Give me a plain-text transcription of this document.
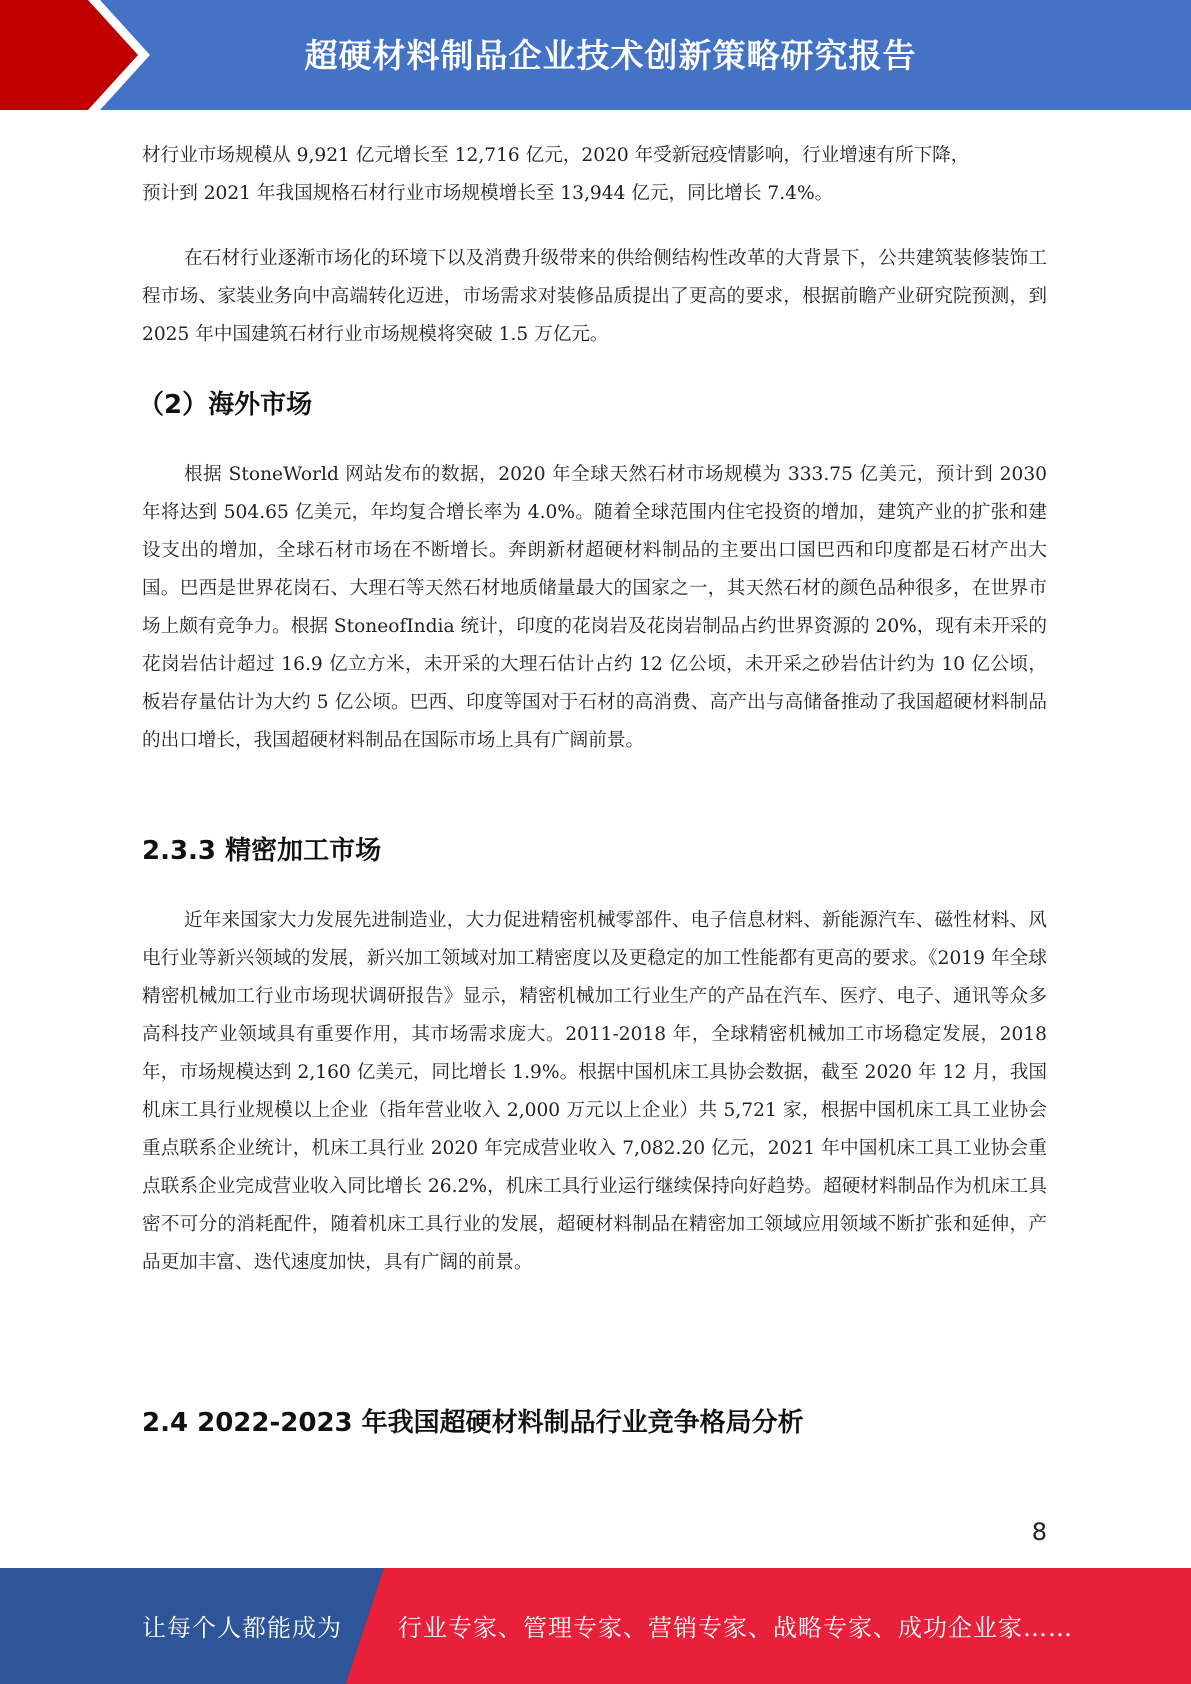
超硬材料制品企业技术创新策略研究报告

材行业市场规模从 9,921 亿元增长至 12,716 亿元，2020 年受新冠疫情影响，行业增速有所下降，

预计到 2021 年我国规格石材行业市场规模增长至 13,944 亿元，同比增长 7.4%。

在石材行业逐渐市场化的环境下以及消费升级带来的供给侧结构性改革的大背景下，公共建筑装修装饰工程市场、家装业务向中高端转化迈进，市场需求对装修品质提出了更高的要求，根据前瞻产业研究院预测，到 2025 年中国建筑石材行业市场规模将突破 1.5 万亿元。

（2）海外市场

根据 StoneWorld 网站发布的数据，2020 年全球天然石材市场规模为 333.75 亿美元，预计到 2030 年将达到 504.65 亿美元，年均复合增长率为 4.0%。随着全球范围内住宅投资的增加，建筑产业的扩张和建设支出的增加，全球石材市场在不断增长。奔朗新材超硬材料制品的主要出口国巴西和印度都是石材产出大国。巴西是世界花岗石、大理石等天然石材地质储量最大的国家之一，其天然石材的颜色品种很多，在世界市场上颇有竞争力。根据 StoneofIndia 统计，印度的花岗岩及花岗岩制品占约世界资源的 20%，现有未开采的花岗岩估计超过 16.9 亿立方米，未开采的大理石估计占约 12 亿公顷，未开采之砂岩估计约为 10 亿公顷，板岩存量估计为大约 5 亿公顷。巴西、印度等国对于石材的高消费、高产出与高储备推动了我国超硬材料制品的出口增长，我国超硬材料制品在国际市场上具有广阔前景。

2.3.3 精密加工市场

近年来国家大力发展先进制造业，大力促进精密机械零部件、电子信息材料、新能源汽车、磁性材料、风电行业等新兴领域的发展，新兴加工领域对加工精密度以及更稳定的加工性能都有更高的要求。《2019 年全球精密机械加工行业市场现状调研报告》显示，精密机械加工行业生产的产品在汽车、医疗、电子、通讯等众多高科技产业领域具有重要作用，其市场需求庞大。2011-2018 年，全球精密机械加工市场稳定发展，2018 年，市场规模达到 2,160 亿美元，同比增长 1.9%。根据中国机床工具协会数据，截至 2020 年 12 月，我国机床工具行业规模以上企业（指年营业收入 2,000 万元以上企业）共 5,721 家，根据中国机床工具工业协会重点联系企业统计，机床工具行业 2020 年完成营业收入 7,082.20 亿元，2021 年中国机床工具工业协会重点联系企业完成营业收入同比增长 26.2%，机床工具行业运行继续保持向好趋势。超硬材料制品作为机床工具密不可分的消耗配件，随着机床工具行业的发展，超硬材料制品在精密加工领域应用领域不断扩张和延伸，产品更加丰富、迭代速度加快，具有广阔的前景。

2.4 2022-2023 年我国超硬材料制品行业竞争格局分析
8
让每个人都能成为 行业专家、管理专家、营销专家、战略专家、成功企业家……
